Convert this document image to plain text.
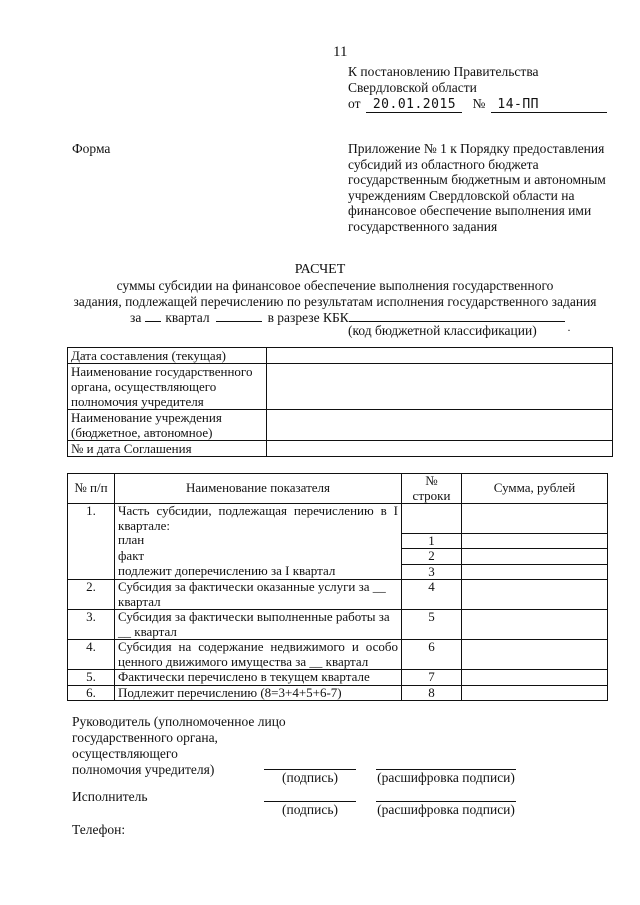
11
К постановлению Правительства
Свердловской области
от 20.01.2015	№ 14-ПП
Форма	Приложение № 1 к Порядку предоставления субсидий из областного бюджета государственным бюджетным и автономным учреждениям Свердловской области на финансовое обеспечение выполнения ими государственного задания
РАСЧЕТ
суммы субсидии на финансовое обеспечение выполнения государственного
задания, подлежащей перечислению по результатам исполнения государственного задания
за квартал	в разрезе КБК
(код бюджетной классификации)	·
Дата составления (текущая)	
Наименование государственного органа, осуществляющего полномочия учредителя	
Наименование учреждения (бюджетное, автономное)	
№ и дата Соглашения	
№ п/п	Наименование показателя	№ строки	Сумма, рублей
1.	Часть субсидии, подлежащая перечислению в I квартале:		
	план	1	
	факт	2	
	подлежит доперечислению за I квартал	3	
2.	Субсидия за фактически оказанные услуги за __ квартал	4	
3.	Субсидия за фактически выполненные работы за __ квартал	5	
4.	Субсидия на содержание недвижимого и особо ценного движимого имущества за __ квартал	6	
5.	Фактически перечислено в текущем квартале	7	
6.	Подлежит перечислению (8=3+4+5+6-7)	8	
Руководитель (уполномоченное лицо
государственного органа,
осуществляющего
полномочия учредителя)
(подпись)	(расшифровка подписи)
Исполнитель
(подпись)	(расшифровка подписи)
Телефон:
